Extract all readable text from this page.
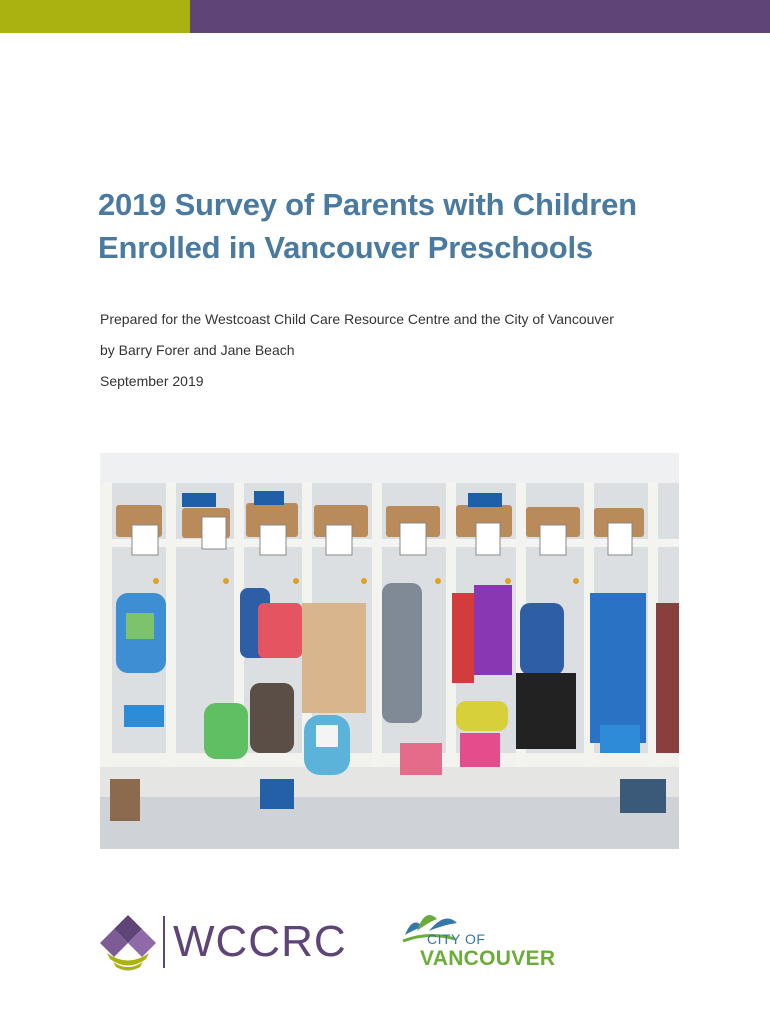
2019 Survey of Parents with Children
Enrolled in Vancouver Preschools
Prepared for the Westcoast Child Care Resource Centre and the City of Vancouver
by Barry Forer and Jane Beach
September 2019
WCCRC	CITY OF
VANCOUVER
